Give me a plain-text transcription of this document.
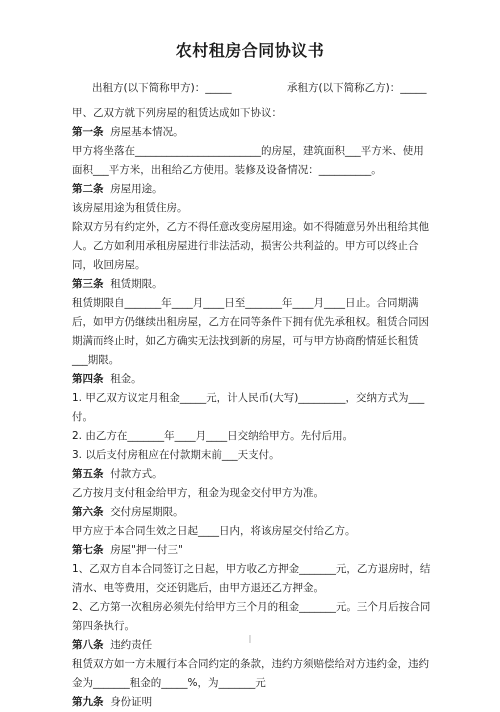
农村租房合同协议书
出租方(以下简称甲方)：_____	承租方(以下简称乙方)：_____

甲、乙双方就下列房屋的租赁达成如下协议：

第一条 房屋基本情况。

甲方将坐落在________________________的房屋，建筑面积___平方米、使用面积___平方米，出租给乙方使用。装修及设备情况：__________。

第二条 房屋用途。

该房屋用途为租赁住房。

除双方另有约定外，乙方不得任意改变房屋用途。如不得随意另外出租给其他人。乙方如利用承租房屋进行非法活动，损害公共利益的。甲方可以终止合同，收回房屋。

第三条 租赁期限。

租赁期限自_______年____月____日至_______年____月____日止。合同期满后，如甲方仍继续出租房屋，乙方在同等条件下拥有优先承租权。租赁合同因期满而终止时，如乙方确实无法找到新的房屋，可与甲方协商酌情延长租赁___期限。

第四条 租金。

1. 甲乙双方议定月租金_____元，计人民币(大写)_________，交纳方式为___付。

2. 由乙方在_______年____月____日交纳给甲方。先付后用。

3. 以后支付房租应在付款期末前___天支付。

第五条 付款方式。

乙方按月支付租金给甲方，租金为现金交付甲方为准。

第六条 交付房屋期限。

甲方应于本合同生效之日起____日内，将该房屋交付给乙方。

第七条 房屋"押一付三"

1、乙双方自本合同签订之日起，甲方收乙方押金_______元，乙方退房时，结清水、电等费用，交还钥匙后，由甲方退还乙方押金。

2、乙方第一次租房必须先付给甲方三个月的租金_______元。三个月后按合同第四条执行。

第八条 违约责任

租赁双方如一方未履行本合同约定的条款，违约方须赔偿给对方违约金，违约金为_______租金的_____%，为_______元

第九条 身份证明

|
